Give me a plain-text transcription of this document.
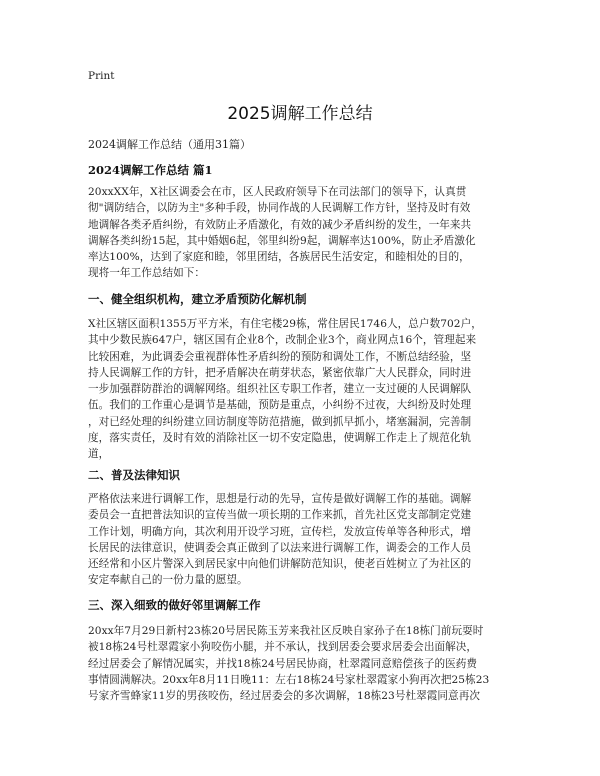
Print
2025调解工作总结
2024调解工作总结（通用31篇）
2024调解工作总结 篇1
20xxXX年，X社区调委会在市，区人民政府领导下在司法部门的领导下，认真贯
彻"调防结合，以防为主"多种手段，协同作战的人民调解工作方针，坚持及时有效
地调解各类矛盾纠纷，有效防止矛盾激化，有效的减少矛盾纠纷的发生，一年来共
调解各类纠纷15起，其中婚姻6起，邻里纠纷9起，调解率达100%，防止矛盾激化
率达100%，达到了家庭和睦，邻里团结，各族居民生活安定，和睦相处的目的，
现将一年工作总结如下：
一、健全组织机构，建立矛盾预防化解机制
X社区辖区面积1355万平方米，有住宅楼29栋，常住居民1746人，总户数702户，
其中少数民族647户，辖区国有企业8个，改制企业3个，商业网点16个，管理起来
比较困难，为此调委会重视群体性矛盾纠纷的预防和调处工作，不断总结经验，坚
持人民调解工作的方针，把矛盾解决在萌芽状态，紧密依靠广大人民群众，同时进
一步加强群防群治的调解网络。组织社区专职工作者，建立一支过硬的人民调解队
伍。我们的工作重心是调节是基础，预防是重点，小纠纷不过夜，大纠纷及时处理
，对已经处理的纠纷建立回访制度等防范措施，做到抓早抓小，堵塞漏洞，完善制
度，落实责任，及时有效的消除社区一切不安定隐患，使调解工作走上了规范化轨
道，
二、普及法律知识
严格依法来进行调解工作，思想是行动的先导，宣传是做好调解工作的基础。调解
委员会一直把普法知识的宣传当做一项长期的工作来抓，首先社区党支部制定党建
工作计划，明确方向，其次利用开设学习班，宣传栏，发放宣传单等各种形式，增
长居民的法律意识，使调委会真正做到了以法来进行调解工作，调委会的工作人员
还经常和小区片警深入到居民家中向他们讲解防范知识，使老百姓树立了为社区的
安定奉献自己的一份力量的愿望。
三、深入细致的做好邻里调解工作
20xx年7月29日新村23栋20号居民陈玉芳来我社区反映自家孙子在18栋门前玩耍时
被18栋24号杜翠霞家小狗咬伤小腿，并不承认，找到居委会要求居委会出面解决，
经过居委会了解情况属实，并找18栋24号居民协商，杜翠霞同意赔偿孩子的医药费
事情圆满解决。20xx年8月11日晚11：左右18栋24号家杜翠霞家小狗再次把25栋23
号家齐雪蜂家11岁的男孩咬伤，经过居委会的多次调解，18栋23号杜翠霞同意再次
